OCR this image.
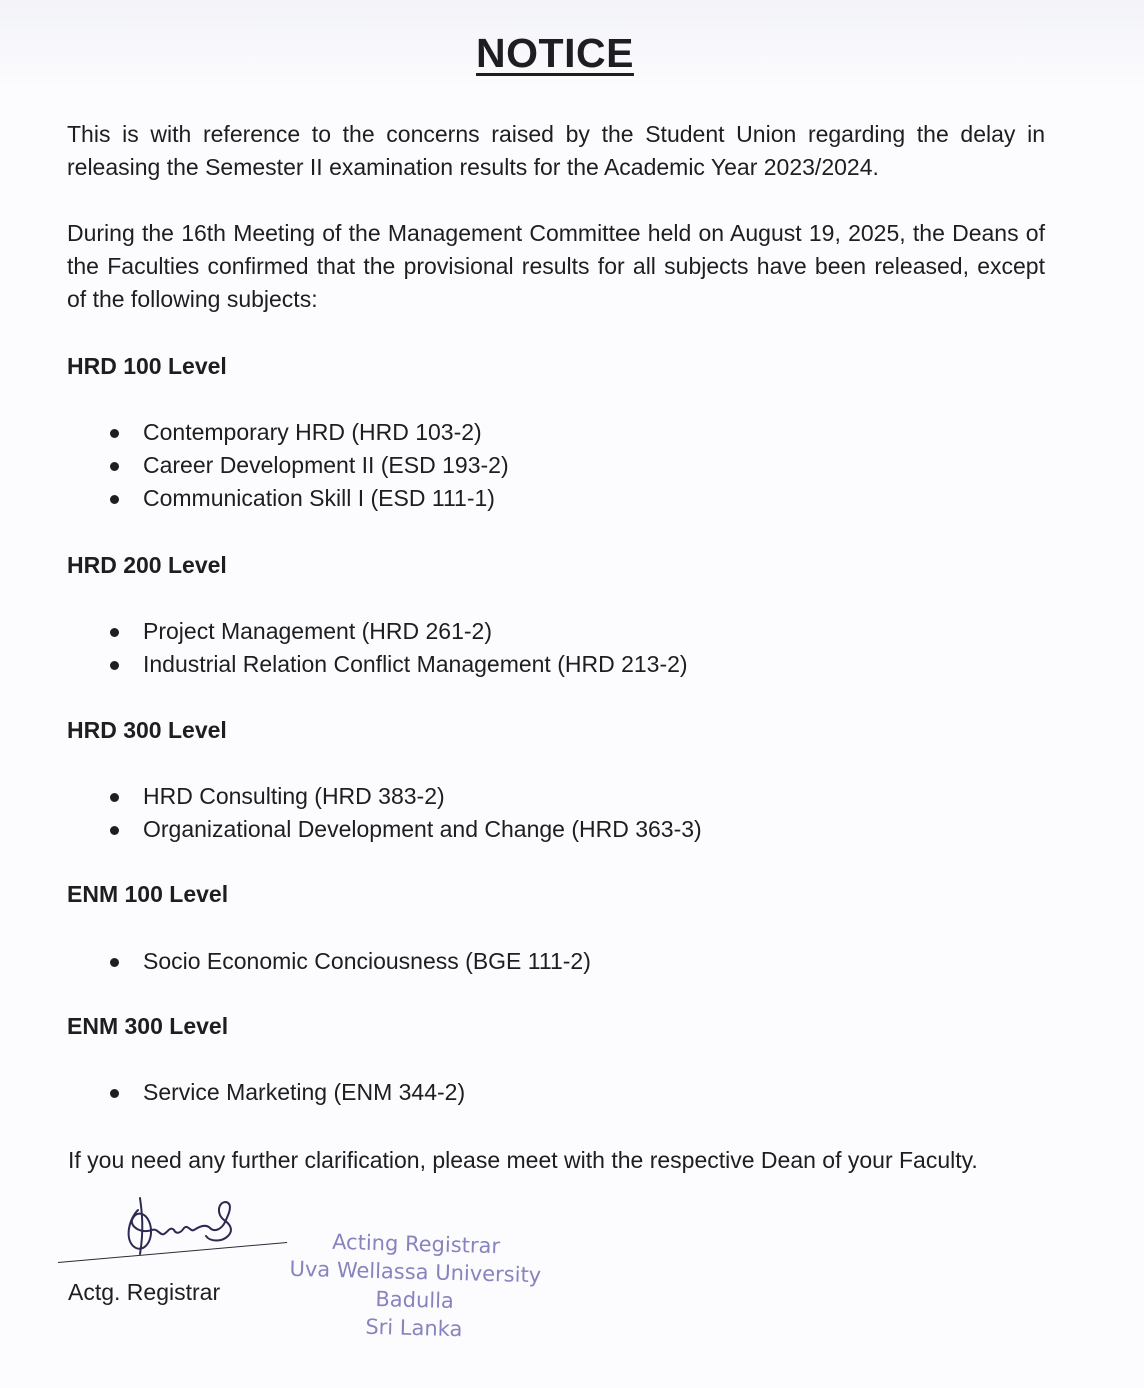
NOTICE

This is with reference to the concerns raised by the Student Union regarding the delay in releasing the Semester II examination results for the Academic Year 2023/2024.

During the 16th Meeting of the Management Committee held on August 19, 2025, the Deans of the Faculties confirmed that the provisional results for all subjects have been released, except of the following subjects:

HRD 100 Level
Contemporary HRD (HRD 103-2)
Career Development II (ESD 193-2)
Communication Skill I (ESD 111-1)
HRD 200 Level
Project Management (HRD 261-2)
Industrial Relation Conflict Management (HRD 213-2)
HRD 300 Level
HRD Consulting (HRD 383-2)
Organizational Development and Change (HRD 363-3)
ENM 100 Level
Socio Economic Conciousness (BGE 111-2)
ENM 300 Level
Service Marketing (ENM 344-2)

If you need any further clarification, please meet with the respective Dean of your Faculty.

Actg. Registrar

Acting Registrar
Uva Wellassa University
Badulla
Sri Lanka
